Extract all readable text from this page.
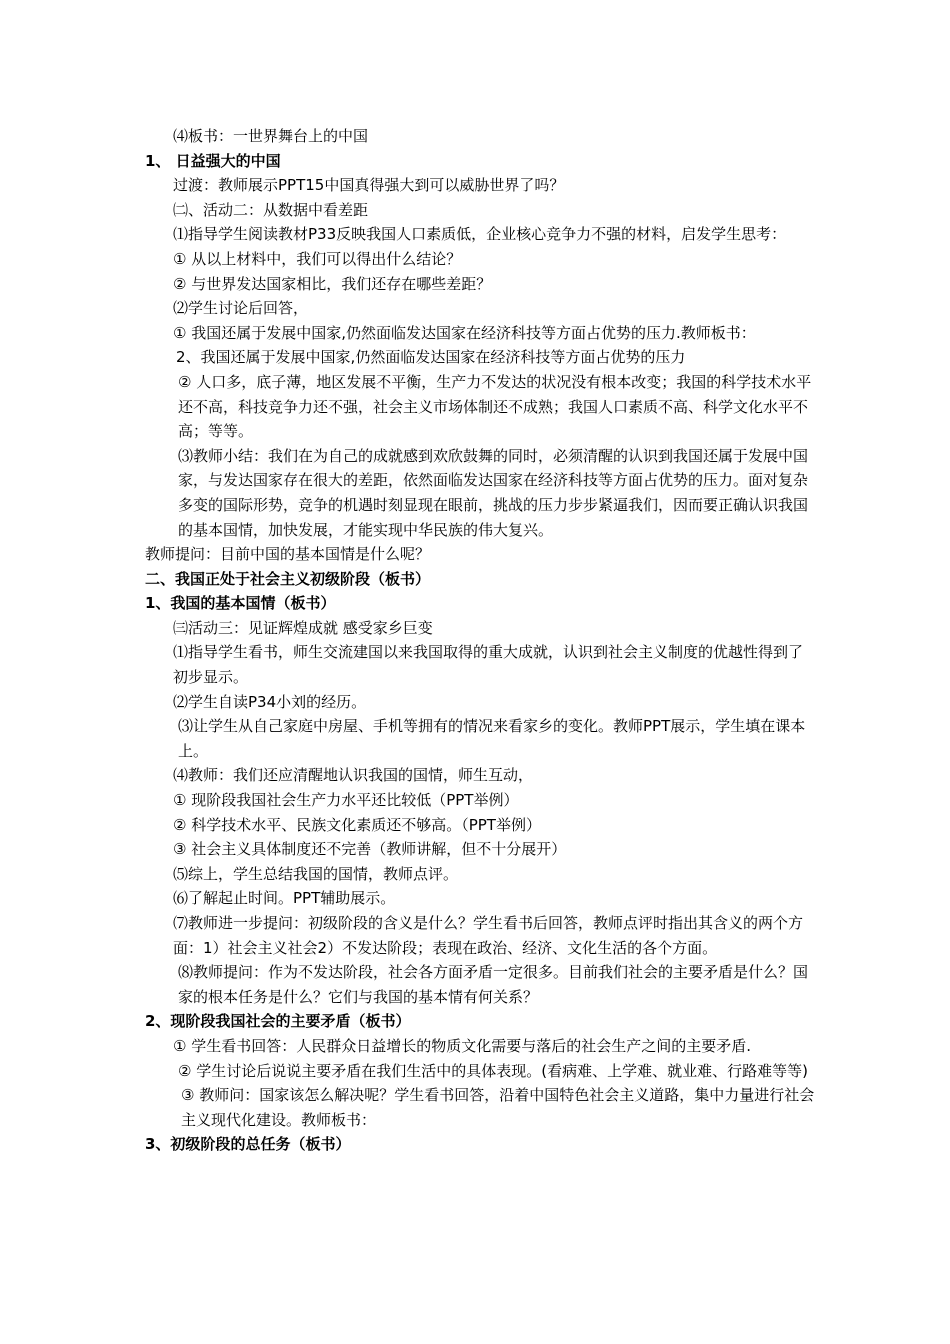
⑷板书：一世界舞台上的中国
1、 日益强大的中国
过渡：教师展示PPT15中国真得强大到可以威胁世界了吗？
㈡、活动二：从数据中看差距
⑴指导学生阅读教材P33反映我国人口素质低，企业核心竞争力不强的材料，启发学生思考：
① 从以上材料中，我们可以得出什么结论？
② 与世界发达国家相比，我们还存在哪些差距？
⑵学生讨论后回答，
① 我国还属于发展中国家,仍然面临发达国家在经济科技等方面占优势的压力.教师板书：
2、我国还属于发展中国家,仍然面临发达国家在经济科技等方面占优势的压力
② 人口多，底子薄，地区发展不平衡，生产力不发达的状况没有根本改变；我国的科学技术水平还不高，科技竞争力还不强，社会主义市场体制还不成熟；我国人口素质不高、科学文化水平不高；等等。
⑶教师小结：我们在为自己的成就感到欢欣鼓舞的同时，必须清醒的认识到我国还属于发展中国家，与发达国家存在很大的差距，依然面临发达国家在经济科技等方面占优势的压力。面对复杂多变的国际形势，竞争的机遇时刻显现在眼前，挑战的压力步步紧逼我们，因而要正确认识我国的基本国情，加快发展，才能实现中华民族的伟大复兴。
教师提问：目前中国的基本国情是什么呢？
二、我国正处于社会主义初级阶段（板书）
1、我国的基本国情（板书）
㈢活动三：见证辉煌成就 感受家乡巨变
⑴指导学生看书，师生交流建国以来我国取得的重大成就，认识到社会主义制度的优越性得到了初步显示。
⑵学生自读P34小刘的经历。
⑶让学生从自己家庭中房屋、手机等拥有的情况来看家乡的变化。教师PPT展示，学生填在课本上。
⑷教师：我们还应清醒地认识我国的国情，师生互动，
① 现阶段我国社会生产力水平还比较低（PPT举例）
② 科学技术水平、民族文化素质还不够高。（PPT举例）
③ 社会主义具体制度还不完善（教师讲解，但不十分展开）
⑸综上，学生总结我国的国情，教师点评。
⑹了解起止时间。PPT辅助展示。
⑺教师进一步提问：初级阶段的含义是什么？学生看书后回答，教师点评时指出其含义的两个方面：1）社会主义社会2）不发达阶段；表现在政治、经济、文化生活的各个方面。
⑻教师提问：作为不发达阶段，社会各方面矛盾一定很多。目前我们社会的主要矛盾是什么？国家的根本任务是什么？它们与我国的基本情有何关系？
2、现阶段我国社会的主要矛盾（板书）
① 学生看书回答：人民群众日益增长的物质文化需要与落后的社会生产之间的主要矛盾.
② 学生讨论后说说主要矛盾在我们生活中的具体表现。(看病难、上学难、就业难、行路难等等)
③ 教师问：国家该怎么解决呢？学生看书回答，沿着中国特色社会主义道路，集中力量进行社会主义现代化建设。教师板书：
3、初级阶段的总任务（板书）
